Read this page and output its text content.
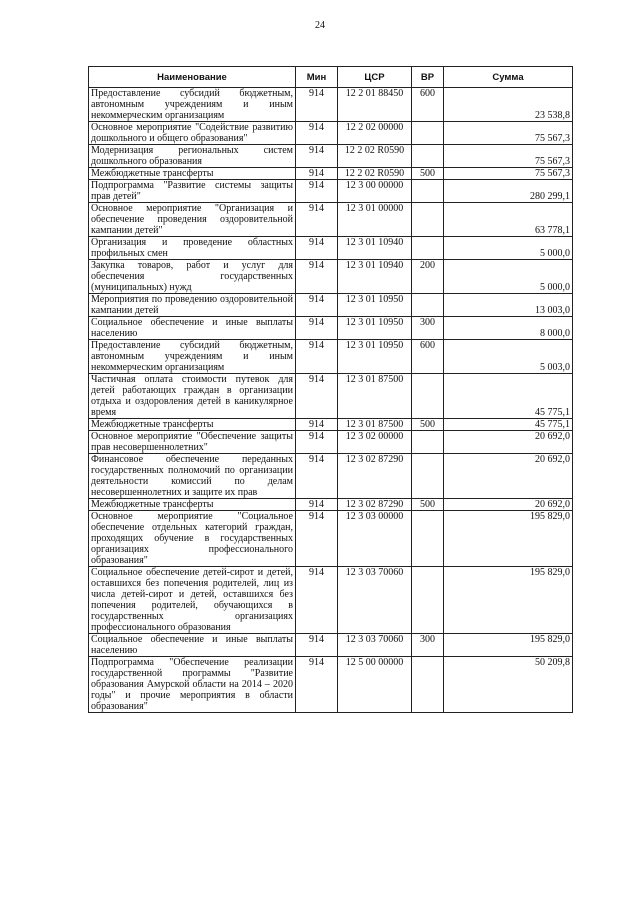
24
Наименование	Мин	ЦСР	ВР	Сумма
Предоставление субсидий бюджетным, автономным учреждениям и иным некоммерческим организациям	914	12 2 01 88450	600	23 538,8
Основное мероприятие "Содействие развитию дошкольного и общего образования"	914	12 2 02 00000		75 567,3
Модернизация региональных систем дошкольного образования	914	12 2 02 R0590		75 567,3
Межбюджетные трансферты	914	12 2 02 R0590	500	75 567,3
Подпрограмма "Развитие системы защиты прав детей"	914	12 3 00 00000		280 299,1
Основное мероприятие "Организация и обеспечение проведения оздоровительной кампании детей"	914	12 3 01 00000		63 778,1
Организация и проведение областных профильных смен	914	12 3 01 10940		5 000,0
Закупка товаров, работ и услуг для обеспечения государственных (муниципальных) нужд	914	12 3 01 10940	200	5 000,0
Мероприятия по проведению оздоровительной кампании детей	914	12 3 01 10950		13 003,0
Социальное обеспечение и иные выплаты населению	914	12 3 01 10950	300	8 000,0
Предоставление субсидий бюджетным, автономным учреждениям и иным некоммерческим организациям	914	12 3 01 10950	600	5 003,0
Частичная оплата стоимости путевок для детей работающих граждан в организации отдыха и оздоровления детей в каникулярное время	914	12 3 01 87500		45 775,1
Межбюджетные трансферты	914	12 3 01 87500	500	45 775,1
Основное мероприятие "Обеспечение защиты прав несовершеннолетних"	914	12 3 02 00000		20 692,0
Финансовое обеспечение переданных государственных полномочий по организации деятельности комиссий по делам несовершеннолетних и защите их прав	914	12 3 02 87290		20 692,0
Межбюджетные трансферты	914	12 3 02 87290	500	20 692,0
Основное мероприятие "Социальное обеспечение отдельных категорий граждан, проходящих обучение в государственных организациях профессионального образования"	914	12 3 03 00000		195 829,0
Социальное обеспечение детей-сирот и детей, оставшихся без попечения родителей, лиц из числа детей-сирот и детей, оставшихся без попечения родителей, обучающихся в государственных организациях профессионального образования	914	12 3 03 70060		195 829,0
Социальное обеспечение и иные выплаты населению	914	12 3 03 70060	300	195 829,0
Подпрограмма "Обеспечение реализации государственной программы "Развитие образования Амурской области на 2014 – 2020 годы" и прочие мероприятия в области образования"	914	12 5 00 00000		50 209,8
